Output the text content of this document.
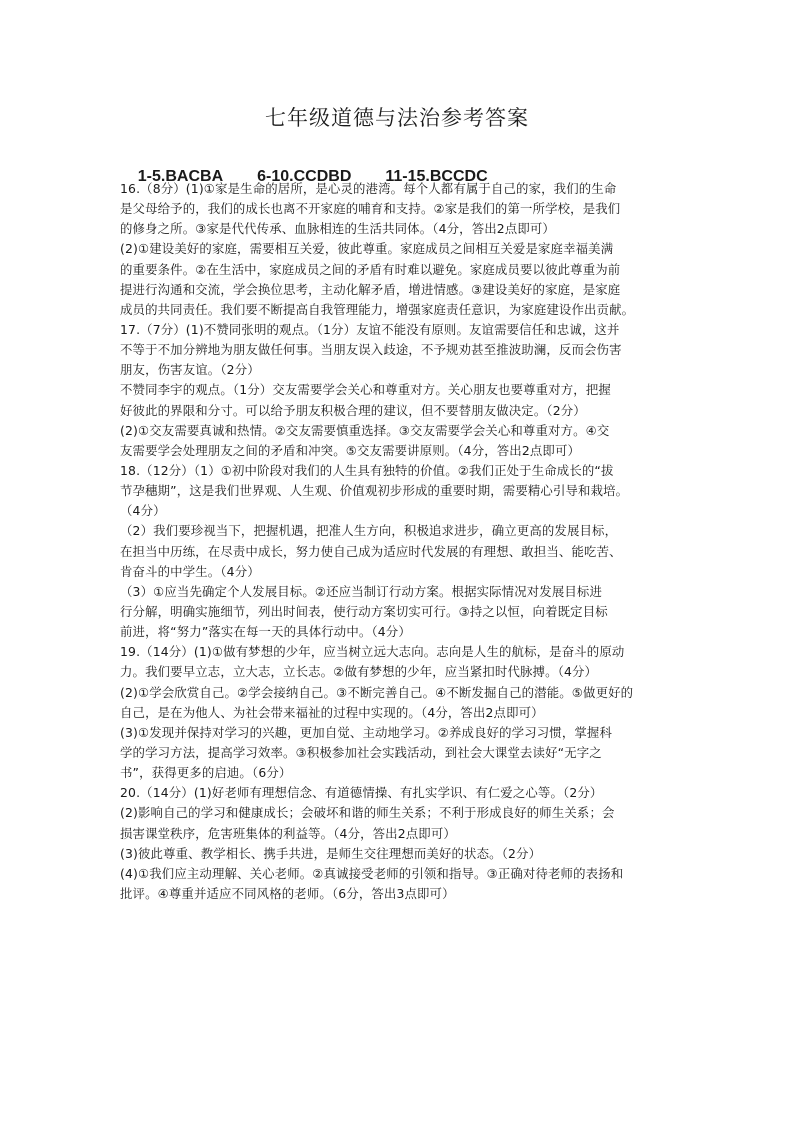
七年级道德与法治参考答案

1-5.BACBA 6-10.CCDBD 11-15.BCCDC

16.（8分）(1)①家是生命的居所，是心灵的港湾。每个人都有属于自己的家，我们的生命
是父母给予的，我们的成长也离不开家庭的哺育和支持。②家是我们的第一所学校，是我们
的修身之所。③家是代代传承、血脉相连的生活共同体。（4分，答出2点即可）
(2)①建设美好的家庭，需要相互关爱，彼此尊重。家庭成员之间相互关爱是家庭幸福美满
的重要条件。②在生活中，家庭成员之间的矛盾有时难以避免。家庭成员要以彼此尊重为前
提进行沟通和交流，学会换位思考，主动化解矛盾，增进情感。③建设美好的家庭，是家庭
成员的共同责任。我们要不断提高自我管理能力，增强家庭责任意识，为家庭建设作出贡献。
17.（7分）(1)不赞同张明的观点。（1分）友谊不能没有原则。友谊需要信任和忠诚，这并
不等于不加分辨地为朋友做任何事。当朋友误入歧途，不予规劝甚至推波助澜，反而会伤害
朋友，伤害友谊。（2分）
不赞同李宇的观点。（1分）交友需要学会关心和尊重对方。关心朋友也要尊重对方，把握
好彼此的界限和分寸。可以给予朋友积极合理的建议，但不要替朋友做决定。（2分）
(2)①交友需要真诚和热情。②交友需要慎重选择。③交友需要学会关心和尊重对方。④交
友需要学会处理朋友之间的矛盾和冲突。⑤交友需要讲原则。（4分，答出2点即可）
18.（12分）（1）①初中阶段对我们的人生具有独特的价值。②我们正处于生命成长的“拔
节孕穗期”，这是我们世界观、人生观、价值观初步形成的重要时期，需要精心引导和栽培。
（4分）
（2）我们要珍视当下，把握机遇，把准人生方向，积极追求进步，确立更高的发展目标，
在担当中历练，在尽责中成长，努力使自己成为适应时代发展的有理想、敢担当、能吃苦、
肯奋斗的中学生。（4分）
（3）①应当先确定个人发展目标。②还应当制订行动方案。根据实际情况对发展目标进
行分解，明确实施细节，列出时间表，使行动方案切实可行。③持之以恒，向着既定目标
前进，将“努力”落实在每一天的具体行动中。（4分）
19.（14分）(1)①做有梦想的少年，应当树立远大志向。志向是人生的航标，是奋斗的原动
力。我们要早立志，立大志，立长志。②做有梦想的少年，应当紧扣时代脉搏。（4分）
(2)①学会欣赏自己。②学会接纳自己。③不断完善自己。④不断发掘自己的潜能。⑤做更好的
自己，是在为他人、为社会带来福祉的过程中实现的。（4分，答出2点即可）
(3)①发现并保持对学习的兴趣，更加自觉、主动地学习。②养成良好的学习习惯，掌握科
学的学习方法，提高学习效率。③积极参加社会实践活动，到社会大课堂去读好“无字之
书”，获得更多的启迪。（6分）
20.（14分）(1)好老师有理想信念、有道德情操、有扎实学识、有仁爱之心等。（2分）
(2)影响自己的学习和健康成长；会破坏和谐的师生关系；不利于形成良好的师生关系；会
损害课堂秩序，危害班集体的利益等。（4分，答出2点即可）
(3)彼此尊重、教学相长、携手共进，是师生交往理想而美好的状态。（2分）
(4)①我们应主动理解、关心老师。②真诚接受老师的引领和指导。③正确对待老师的表扬和
批评。④尊重并适应不同风格的老师。（6分，答出3点即可）
